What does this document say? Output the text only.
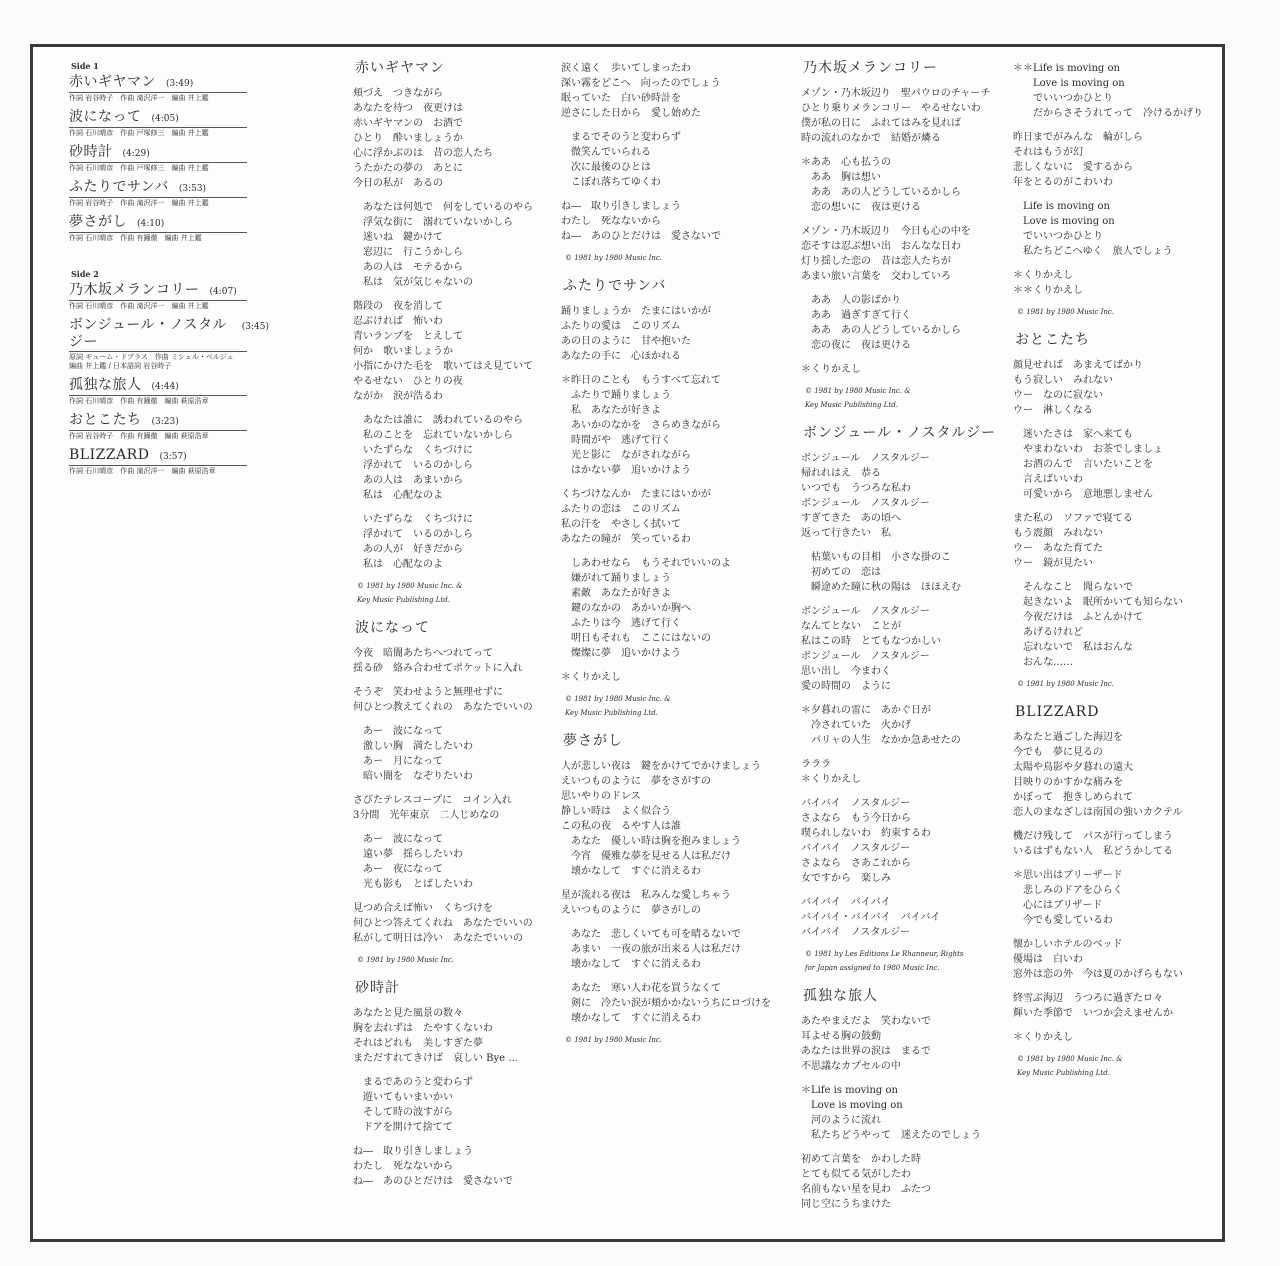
Side 1
赤いギヤマン (3:49)
作詞 岩谷時子　作曲 滝沢洋一　編曲 井上鑑
波になって (4:05)
作詞 石川晴彦　作曲 戸塚修三　編曲 井上鑑
砂時計 (4:29)
作詞 石川晴彦　作曲 戸塚修三　編曲 井上鑑
ふたりでサンバ (3:53)
作詞 岩谷時子　作曲 滝沢洋一　編曲 井上鑑
夢さがし (4:10)
作詞 石川晴彦　作曲 有鐘徹　編曲 井上鑑
Side 2
乃木坂メランコリー (4:07)
作詞 石川晴彦　作曲 滝沢洋一　編曲 井上鑑
ボンジュール・ノスタルジー
(3:45)
原詞 ギューム・ドブラス　作曲 ミシェル・ベルジェ　編曲 井上鑑 / 日本語詞 岩谷時子
孤独な旅人 (4:44)
作詞 石川晴彦　作曲 有鐘徹　編曲 萩原浩章
おとこたち (3:23)
作詞 岩谷時子　作曲 有鐘徹　編曲 萩原浩章
BLIZZARD (3:57)
作詞 石川晴彦　作曲 滝沢洋一　編曲 萩原浩章
赤いギヤマン
頬づえ　つきながら
あなたを待つ　夜更けは
赤いギヤマンの　お酒で
ひとり　酔いましょうか
心に浮かぶのは　昔の恋人たち
うたかたの夢の　あとに
今日の私が　あるの
あなたは何処で　何をしているのやら
浮気な街に　溺れていないかしら
迷いね　鍵かけて
窓辺に　行こうかしら
あの人は　モテるから
私は　気が気じゃないの
階段の　夜を消して
忍ぶければ　怖いわ
青いランプを　とえして
何か　歌いましょうか
小指にかけた毛を　歌いてはえ見ていて
やるせない　ひとりの夜
ながか　涙が浩るわ
あなたは誰に　誘われているのやら
私のことを　忘れていないかしら
いたずらな　くちづけに
浮かれて　いるのかしら
あの人は　あまいから
私は　心配なのよ
いたずらな　くちづけに
浮かれて　いるのかしら
あの人が　好きだから
私は　心配なのよ
© 1981 by 1980 Music Inc. &
Key Music Publishing Ltd.
波になって
今夜　暗闇あたちへつれてって
揺る砂　絡み合わせてポケットに入れ
そうぞ　笑わせようと無理せずに
何ひとつ教えてくれの　あなたでいいの
あー　波になって
激しい胸　満たしたいわ
あー　月になって
暗い闇を　なぞりたいわ
さびたテレスコープに　コイン入れ
3分間　光年東京　二人じめなの
あー　波になって
遠い夢　揺らしたいわ
あー　夜になって
光も影も　とばしたいわ
見つめ合えば怖い　くちづけを
何ひとつ答えてくれね　あなたでいいの
私がして明日は冷い　あなたでいいの
© 1981 by 1980 Music Inc.
砂時計
あなたと見た風景の数々
胸を去れずは　たやすくないわ
それはどれも　美しすぎた夢
まただすれてきけば　哀しい Bye …
まるであのうと変わらず
遊いてもいまいかい
そして時の波すがら
ドアを開けて捨てて
ね―　取り引きしましょう
わたし　死なないから
ね―　あのひとだけは　愛さないで
涙く遠く　歩いてしまったわ
深い霧をどこへ　向ったのでしょう
眠っていた　白い砂時計を
逆さにした日から　愛し始めた
まるでそのうと変わらず
微笑んでいられる
次に最後のひとは
こぼれ落ちてゆくわ
ね―　取り引きしましょう
わたし　死なないから
ね―　あのひとだけは　愛さないで
© 1981 by 1980 Music Inc.
ふたりでサンバ
踊りましょうか　たまにはいかが
ふたりの愛は　このリズム
あの日のように　甘や抱いた
あなたの手に　心ほかれる
＊昨日のことも　もうすべて忘れて
　ふたりで踊りましょう
　私　あなたが好きよ
　あいかのなかを　さらめきながら
　時間がや　逃げて行く
　光と影に　ながされながら
　はかない夢　追いかけよう
くちづけなんか　たまにはいかが
ふたりの恋は　このリズム
私の汗を　やさしく拭いて
あなたの瞳が　笑っているわ
しあわせなら　もうそれでいいのよ
嫌がれて踊りましょう
素敵　あなたが好きよ
鍵のなかの　あかいか胸へ
ふたりは今　逃げて行く
明日もそれも　ここにはないの
燦燦に夢　追いかけよう
＊くりかえし
© 1981 by 1980 Music Inc. &
Key Music Publishing Ltd.
夢さがし
人が悲しい夜は　鍵をかけてでかけましょう
えいつものように　夢をさがすの
思いやりのドレス
静しい時は　よく似合う
この私の夜　るやす人は誰
　あなた　優しい時は胸を抱みましょう
　今宵　優雅な夢を見せる人は私だけ
　壊かなして　すぐに消えるわ
星が流れる夜は　私みんな愛しちゃう
えいつものように　夢さがしの
あなた　悲しくいても可を晴るないで
あまい　一夜の旅が出来る人は私だけ
壊かなして　すぐに消えるわ
あなた　寒い人わ花を買うなくて
剣に　冷たい涙が頬かかないうちにロづけを
壊かなして　すぐに消えるわ
© 1981 by 1980 Music Inc.
乃木坂メランコリー
メゾン・乃木坂辺り　聖パウロのチャーチ
ひとり乗りメランコリー　やるせないわ
僕が私の日に　ふれてはみを見れば
時の流れのなかで　結婚が燐る
＊ああ　心も払うの
　ああ　胸は想い
　ああ　あの人どうしているかしら
　恋の想いに　夜は更ける
メゾン・乃木坂辺り　今日も心の中を
恋そすは忍ぶ想い出　おんなな日わ
灯り揺した恋の　昔は恋人たちが
あまい旅い言葉を　交わしていろ
ああ　人の影ばかり
ああ　過ぎすぎて行く
ああ　あの人どうしているかしら
恋の夜に　夜は更ける
＊くりかえし
© 1981 by 1980 Music Inc. &
Key Music Publishing Ltd.
ボンジュール・ノスタルジー
ボンジュール　ノスタルジー
帰れれはえ　恭る
いつでも　うつろな私わ
ボンジュール　ノスタルジー
すぎてきた　あの頃へ
返って行きたい　私
枯葉いもの目相　小さな掛のこ
初めての　恋は
瞬途めた瞳に秋の陽は　ほほえむ
ボンジュール　ノスタルジー
なんてとない　ことが
私はこの時　とてもなつかしい
ボンジュール　ノスタルジー
思い出し　今まわく
愛の時間の　ように
＊夕暮れの雷に　あかぐ日が
　冷されていた　火かげ
　パリャの人生　なかか急あせたの
ラララ
＊くりかえし
バイバイ　ノスタルジー
さよなら　もう今日から
喫られしないわ　約束するわ
バイバイ　ノスタルジー
さよなら　さあこれから
女ですから　楽しみ
バイバイ　バイバイ
バイバイ・バイバイ　バイバイ
バイバイ　ノスタルジー
© 1981 by Les Editions Le Rhanneur, Rights
for Japan assigned to 1980 Music Inc.
孤独な旅人
あたやまえだよ　笑わないで
耳よせる胸の鼓動
あなたは世界の涙は　まるで
不思議なカプセルの中
＊Life is moving on
　Love is moving on
　河のように流れ
　私たちどうやって　迷えたのでしょう
初めて言葉を　かわした時
とても似てる気がしたわ
名前もない星を見わ　ふたつ
同じ空にうちまけた
＊＊Life is moving on
　　Love is moving on
　　でいいつかひとり
　　だからさそうれてって　冷けるかげり
昨日までがみんな　輪がしら
それはもうが幻
悲しくないに　愛するから
年をとるのがこわいわ
Life is moving on
Love is moving on
でいいつかひとり
私たちどこへゆく　旅人でしょう
＊くりかえし
＊＊くりかえし
© 1981 by 1980 Music Inc.
おとこたち
顔見せれば　あまえてばかり
もう寂しい　みれない
ウー　なのに寂ない
ウー　淋しくなる
迷いたさは　家へ来ても
やまわないわ　お茶でしましょ
お酒のんで　言いたいことを
言えばいいわ
可愛いから　意地悪しません
また私の　ソファで寝てる
もう震顔　みれない
ウー　あなた育てた
ウー　鏡が見たい
そんなこと　聞らないで
起きないよ　眠所かいても知らない
今夜だけは　ふとんかけて
あげるけれど
忘れないで　私はおんな
おんな……
© 1981 by 1980 Music Inc.
BLIZZARD
あなたと過ごした海辺を
今でも　夢に見るの
太陽や鳥影や夕暮れの遠大
目映りのかすかな痛みを
かぼって　抱きしめられて
恋人のまなざしは南国の強いカクテル
機だけ残して　パスが行ってしまう
いるはずもない人　私どうかしてる
＊思い出はブリーザード
　悲しみのドアをひらく
　心にはブリザード
　今でも愛しているわ
懐かしいホテルのベッド
優場は　白いわ
窓外は恋の外　今は夏のかげらもない
終雪ぶ海辺　うつろに過ぎたロ々
輝いた季節で　いつか会えませんか
＊くりかえし
© 1981 by 1980 Music Inc. &
Key Music Publishing Ltd.
